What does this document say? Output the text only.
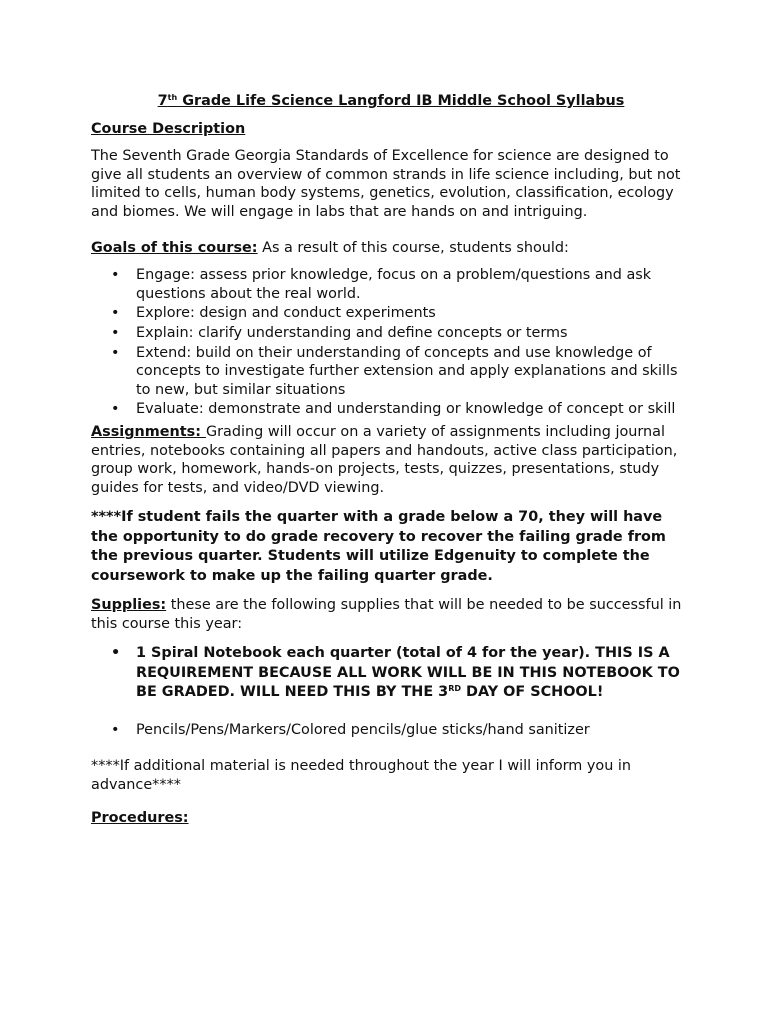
7th Grade Life Science Langford IB Middle School Syllabus

Course Description

The Seventh Grade Georgia Standards of Excellence for science are designed to give all students an overview of common strands in life science including, but not limited to cells, human body systems, genetics, evolution, classification, ecology and biomes. We will engage in labs that are hands on and intriguing.

Goals of this course: As a result of this course, students should:

• Engage: assess prior knowledge, focus on a problem/questions and ask questions about the real world.
• Explore: design and conduct experiments
• Explain: clarify understanding and define concepts or terms
• Extend: build on their understanding of concepts and use knowledge of concepts to investigate further extension and apply explanations and skills to new, but similar situations
• Evaluate: demonstrate and understanding or knowledge of concept or skill

Assignments: Grading will occur on a variety of assignments including journal entries, notebooks containing all papers and handouts, active class participation, group work, homework, hands-on projects, tests, quizzes, presentations, study guides for tests, and video/DVD viewing.

****If student fails the quarter with a grade below a 70, they will have the opportunity to do grade recovery to recover the failing grade from the previous quarter. Students will utilize Edgenuity to complete the coursework to make up the failing quarter grade.

Supplies: these are the following supplies that will be needed to be successful in this course this year:

• 1 Spiral Notebook each quarter (total of 4 for the year). THIS IS A REQUIREMENT BECAUSE ALL WORK WILL BE IN THIS NOTEBOOK TO BE GRADED. WILL NEED THIS BY THE 3RD DAY OF SCHOOL!
• Pencils/Pens/Markers/Colored pencils/glue sticks/hand sanitizer

****If additional material is needed throughout the year I will inform you in advance****

Procedures:
